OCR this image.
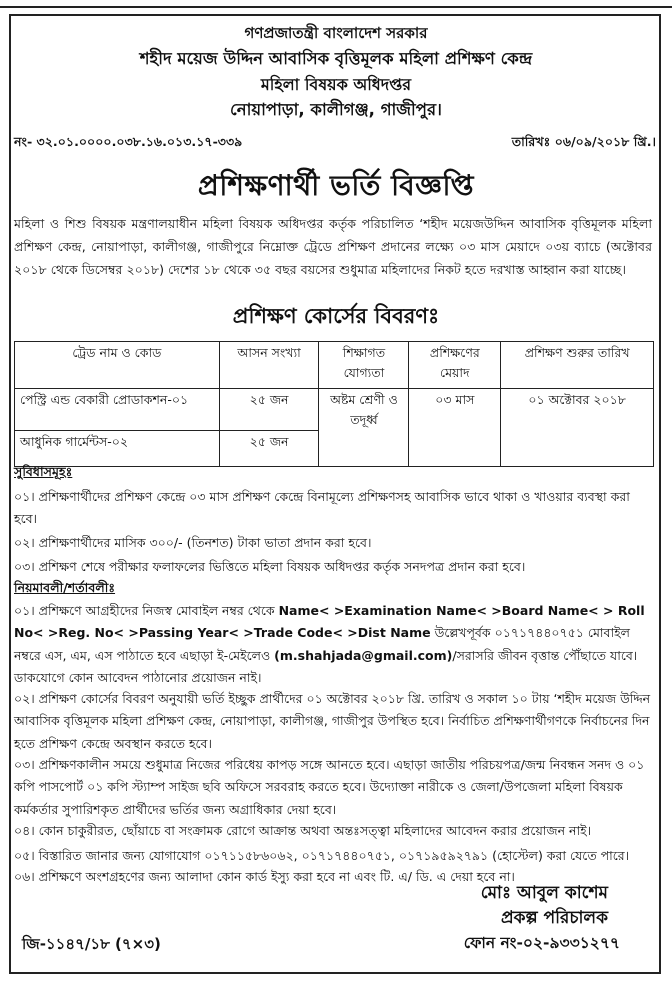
গণপ্রজাতন্ত্রী বাংলাদেশ সরকার
শহীদ ময়েজ উদ্দিন আবাসিক বৃত্তিমূলক মহিলা প্রশিক্ষণ কেন্দ্র
মহিলা বিষয়ক অধিদপ্তর
নোয়াপাড়া, কালীগঞ্জ, গাজীপুর।
নং- ৩২.০১.০০০০.০৩৮.১৬.০১৩.১৭-৩৩৯	তারিখঃ ০৬/০৯/২০১৮ খ্রি.।
প্রশিক্ষণার্থী ভর্তি বিজ্ঞপ্তি
মহিলা ও শিশু বিষয়ক মন্ত্রণালয়াধীন মহিলা বিষয়ক অধিদপ্তর কর্তৃক পরিচালিত ‘শহীদ ময়েজউদ্দিন আবাসিক বৃত্তিমূলক মহিলা প্রশিক্ষণ কেন্দ্র, নোয়াপাড়া, কালীগঞ্জ, গাজীপুরে নিম্নোক্ত ট্রেডে প্রশিক্ষণ প্রদানের লক্ষ্যে ০৩ মাস মেয়াদে ০৩য় ব্যাচে (অক্টোবর ২০১৮ থেকে ডিসেম্বর ২০১৮) দেশের ১৮ থেকে ৩৫ বছর বয়সের শুধুমাত্র মহিলাদের নিকট হতে দরখাস্ত আহ্বান করা যাচ্ছে।
প্রশিক্ষণ কোর্সের বিবরণঃ
ট্রেড নাম ও কোড	আসন সংখ্যা	শিক্ষাগত যোগ্যতা	প্রশিক্ষণের মেয়াদ	প্রশিক্ষণ শুরুর তারিখ
পেস্ট্রি এন্ড বেকারী প্রোডাকশন-০১	২৫ জন	অষ্টম শ্রেণী ও তদূর্ধ্ব	০৩ মাস	০১ অক্টোবর ২০১৮
আধুনিক গার্মেন্টস-০২	২৫ জন			
সুবিধাসমূহঃ
০১। প্রশিক্ষণার্থীদের প্রশিক্ষণ কেন্দ্রে ০৩ মাস প্রশিক্ষণ কেন্দ্রে বিনামূল্যে প্রশিক্ষণসহ আবাসিক ভাবে থাকা ও খাওয়ার ব্যবস্থা করা হবে।
০২। প্রশিক্ষণার্থীদের মাসিক ৩০০/- (তিনশত) টাকা ভাতা প্রদান করা হবে।
০৩। প্রশিক্ষণ শেষে পরীক্ষার ফলাফলের ভিত্তিতে মহিলা বিষয়ক অধিদপ্তর কর্তৃক সনদপত্র প্রদান করা হবে।
নিয়মাবলী/শর্তাবলীঃ
০১। প্রশিক্ষণে আগ্রহীদের নিজস্ব মোবাইল নম্বর থেকে Name< >Examination Name< >Board Name< > Roll No< >Reg. No< >Passing Year< >Trade Code< >Dist Name উল্লেখপূর্বক ০১৭১৭৪৪০৭৫১ মোবাইল নম্বরে এস, এম, এস পাঠাতে হবে এছাড়া ই-মেইলেও (m.shahjada@gmail.com)/সরাসরি জীবন বৃত্তান্ত পৌঁছাতে যাবে। ডাকযোগে কোন আবেদন পাঠানোর প্রয়োজন নাই।
০২। প্রশিক্ষণ কোর্সের বিবরণ অনুযায়ী ভর্তি ইচ্ছুক প্রার্থীদের ০১ অক্টোবর ২০১৮ খ্রি. তারিখ ও সকাল ১০ টায় ‘শহীদ ময়েজ উদ্দিন আবাসিক বৃত্তিমূলক মহিলা প্রশিক্ষণ কেন্দ্র, নোয়াপাড়া, কালীগঞ্জ, গাজীপুর উপস্থিত হবে। নির্বাচিত প্রশিক্ষণার্থীগণকে নির্বাচনের দিন হতে প্রশিক্ষণ কেন্দ্রে অবস্থান করতে হবে।
০৩। প্রশিক্ষণকালীন সময়ে শুধুমাত্র নিজের পরিধেয় কাপড় সঙ্গে আনতে হবে। এছাড়া জাতীয় পরিচয়পত্র/জন্ম নিবন্ধন সনদ ও ০১ কপি পাসপোর্ট ০১ কপি স্ট্যাম্প সাইজ ছবি অফিসে সরবরাহ করতে হবে। উদ্যোক্তা নারীকে ও জেলা/উপজেলা মহিলা বিষয়ক কর্মকর্তার সুপারিশকৃত প্রার্থীদের ভর্তির জন্য অগ্রাধিকার দেয়া হবে।
০৪। কোন চাকুরীরত, ছোঁয়াচে বা সংক্রামক রোগে আক্রান্ত অথবা অন্তঃসত্ত্বা মহিলাদের আবেদন করার প্রয়োজন নাই।
০৫। বিস্তারিত জানার জন্য যোগাযোগ ০১৭১১৫৮৬০৬২, ০১৭১৭৪৪০৭৫১, ০১৭১৯৫৯২৭৯১ (হোস্টেল) করা যেতে পারে।
০৬। প্রশিক্ষণে অংশগ্রহণের জন্য আলাদা কোন কার্ড ইস্যু করা হবে না এবং টি. এ/ ডি. এ দেয়া হবে না।
মোঃ আবুল কাশেম
প্রকল্প পরিচালক
ফোন নং-০২-৯৩৩১২৭৭
জি-১১৪৭/১৮ (৭×৩)
